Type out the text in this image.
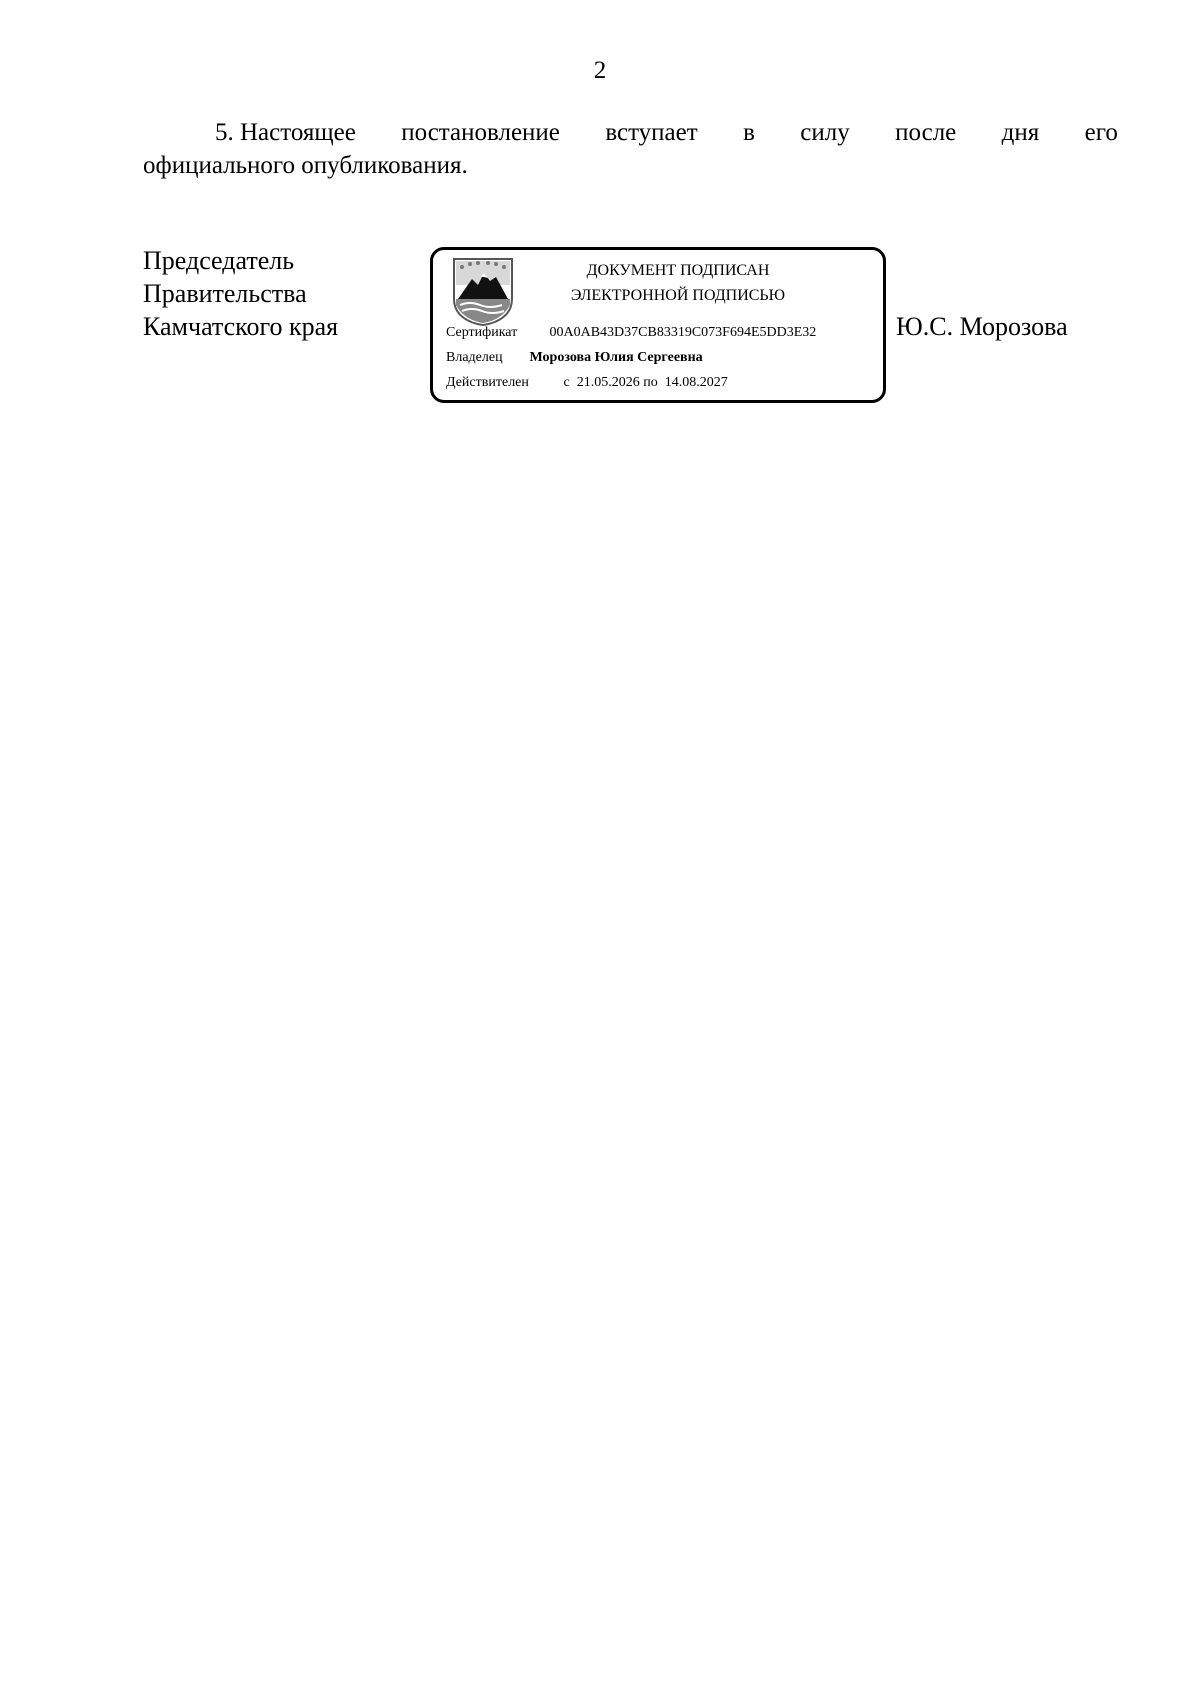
2
5. Настоящее постановление вступает в силу после дня его
официального опубликования.
Председатель
Правительства
Камчатского края	Ю.С. Морозова
ДОКУМЕНТ ПОДПИСАН
ЭЛЕКТРОННОЙ ПОДПИСЬЮ
Сертификат 00A0AB43D37CB83319C073F694E5DD3E32
Владелец Морозова Юлия Сергеевна
Действителен с  21.05.2026 по  14.08.2027
